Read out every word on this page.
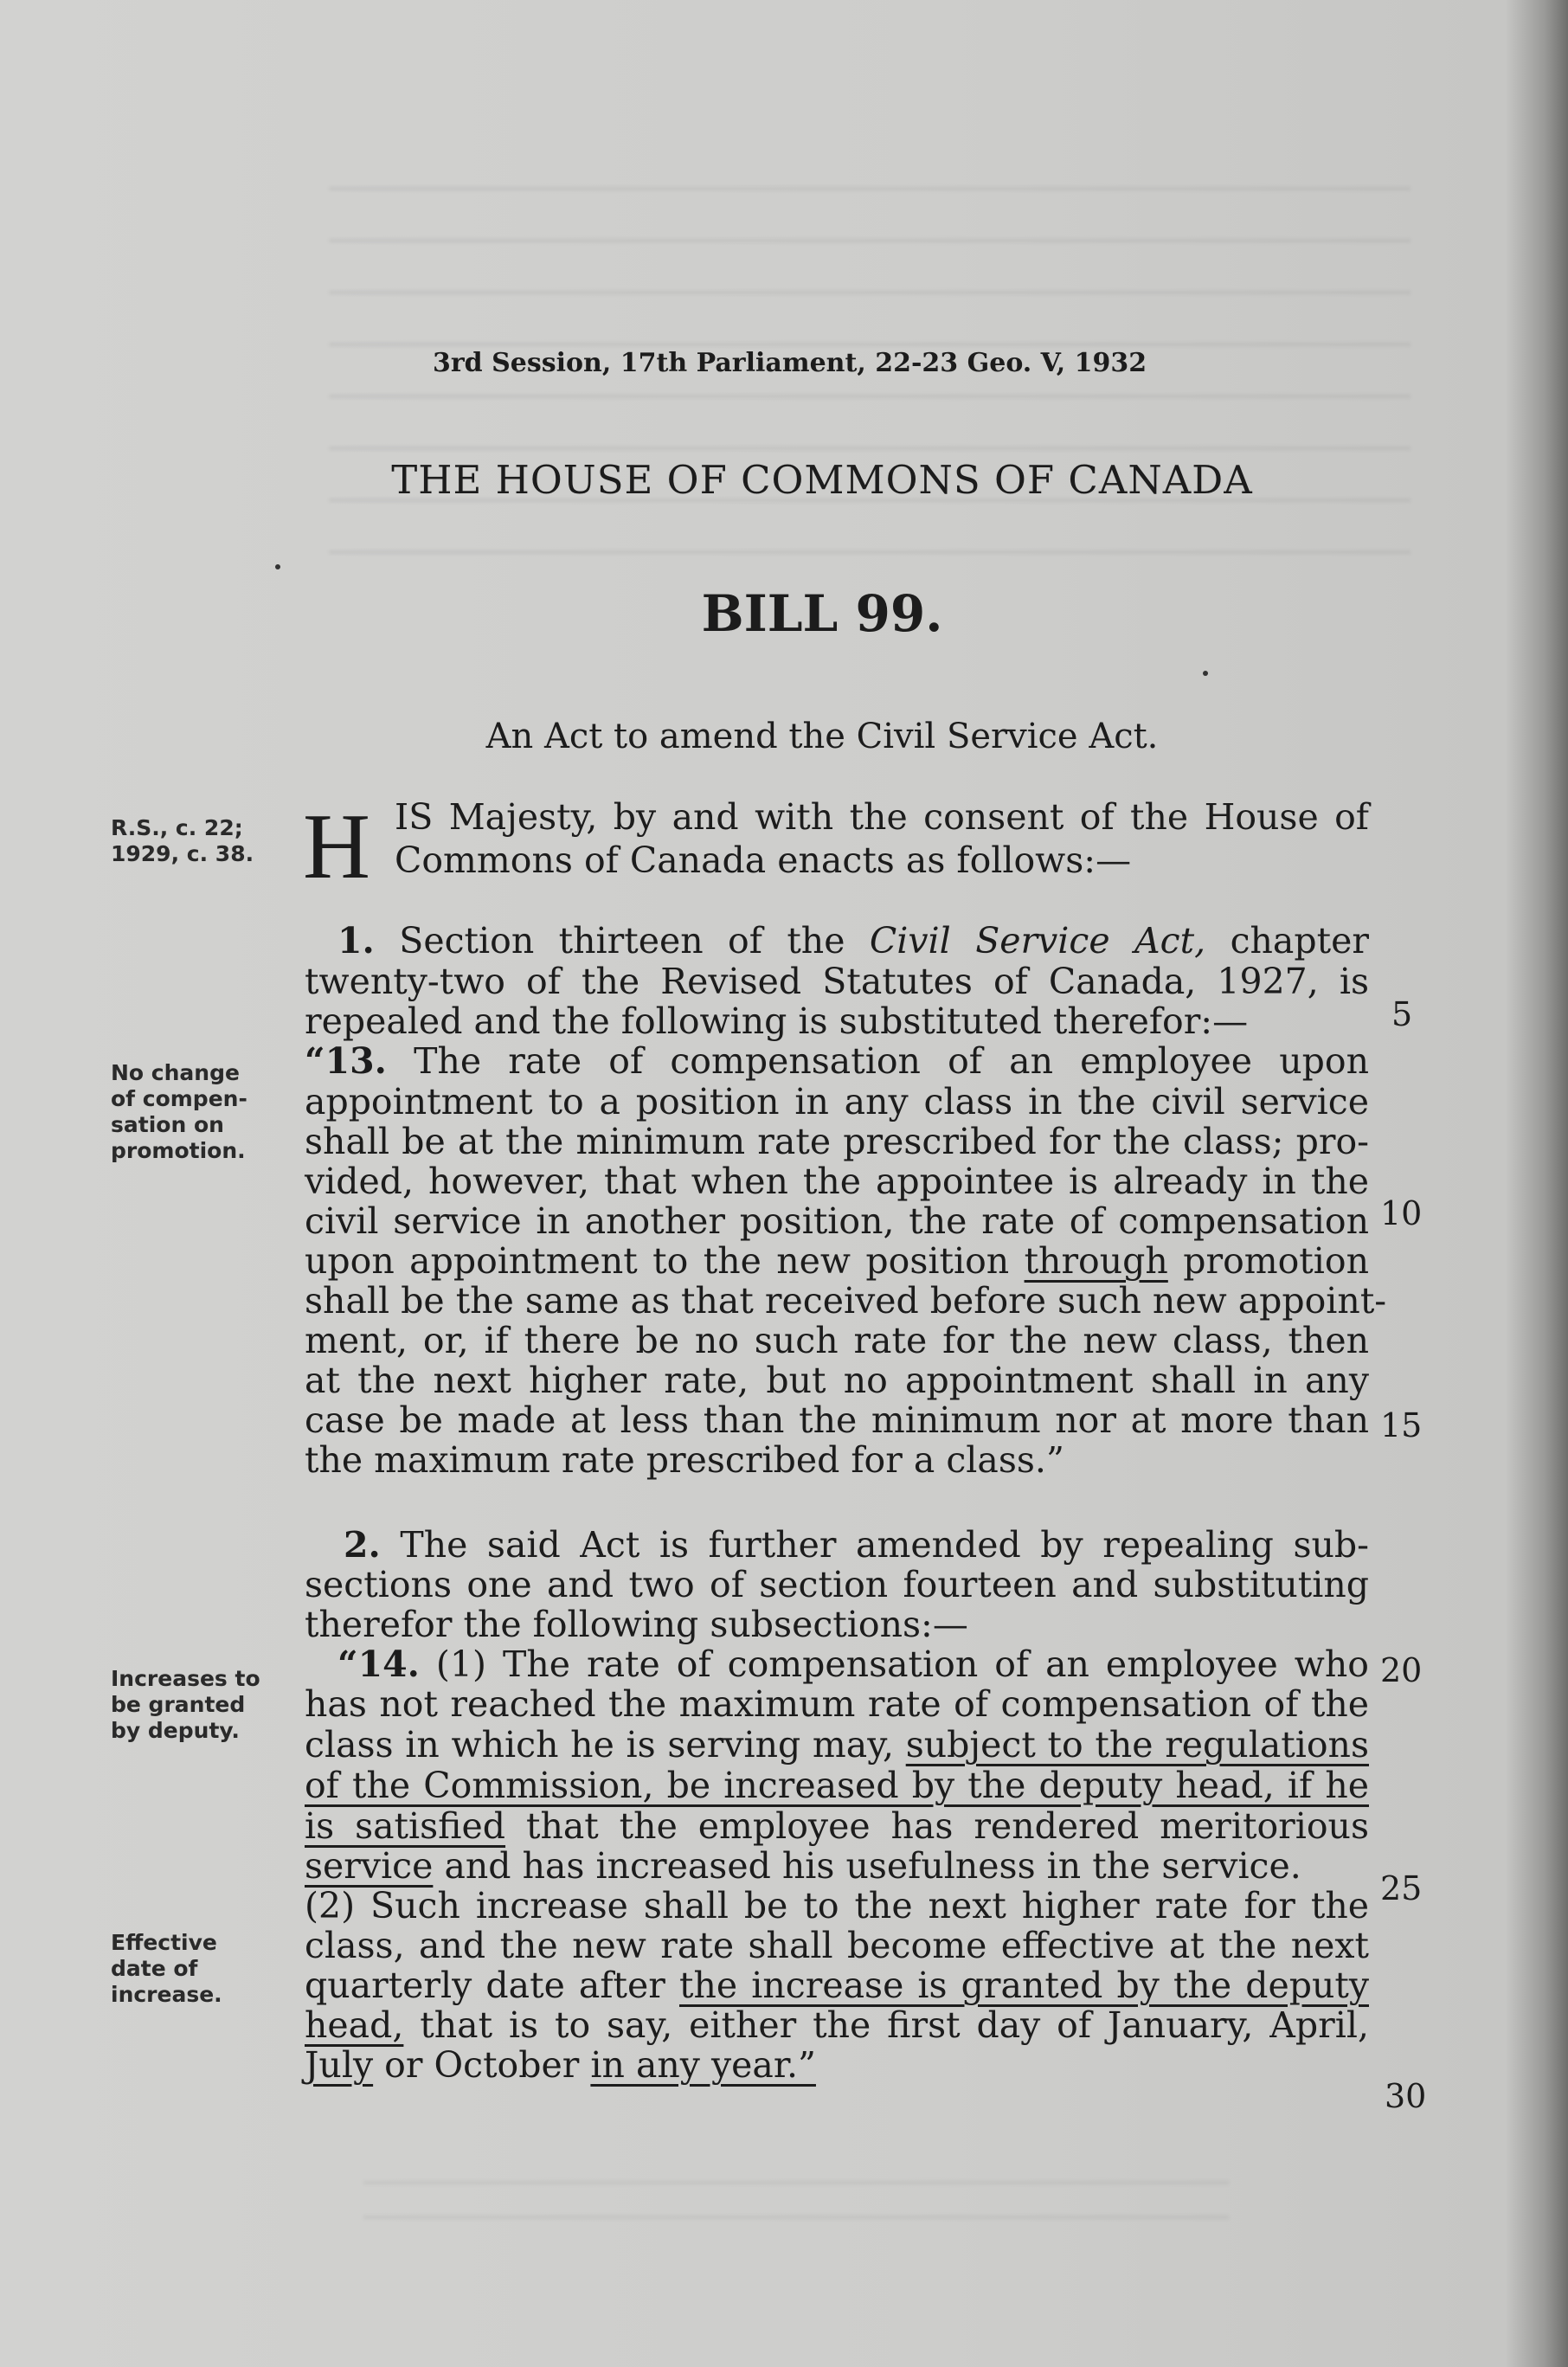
3rd Session, 17th Parliament, 22-23 Geo. V, 1932
THE HOUSE OF COMMONS OF CANADA
BILL 99.
An Act to amend the Civil Service Act.
R.S., c. 22;
1929, c. 38.
No change
of compen-
sation on
promotion.
Increases to
be granted
by deputy.
Effective
date of
increase.
5
10
15
20
25
30
H IS Majesty, by and with the consent of the House of
Commons of Canada enacts as follows:—
1. Section thirteen of the Civil Service Act, chapter
twenty-two of the Revised Statutes of Canada, 1927, is
repealed and the following is substituted therefor:—
“13. The rate of compensation of an employee upon
appointment to a position in any class in the civil service
shall be at the minimum rate prescribed for the class; pro-
vided, however, that when the appointee is already in the
civil service in another position, the rate of compensation
upon appointment to the new position through promotion
shall be the same as that received before such new appoint-
ment, or, if there be no such rate for the new class, then
at the next higher rate, but no appointment shall in any
case be made at less than the minimum nor at more than
the maximum rate prescribed for a class.”
2. The said Act is further amended by repealing sub-
sections one and two of section fourteen and substituting
therefor the following subsections:—
“14. (1) The rate of compensation of an employee who
has not reached the maximum rate of compensation of the
class in which he is serving may, subject to the regulations
of the Commission, be increased by the deputy head, if he
is satisfied that the employee has rendered meritorious
service and has increased his usefulness in the service.
(2) Such increase shall be to the next higher rate for the
class, and the new rate shall become effective at the next
quarterly date after the increase is granted by the deputy
head, that is to say, either the first day of January, April,
July or October in any year.”
